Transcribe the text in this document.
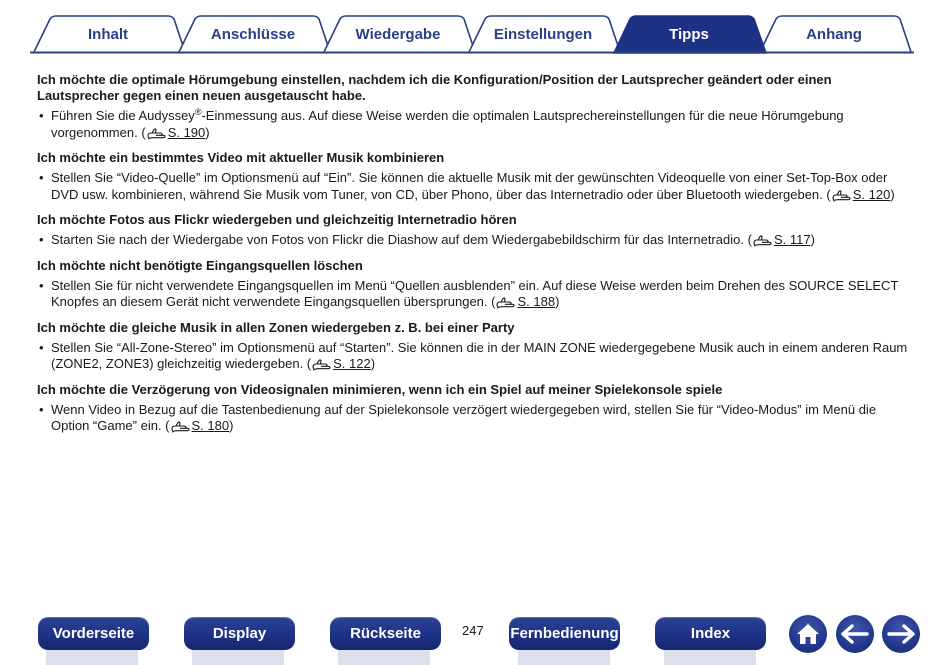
Inhalt	Anschlüsse	Wiedergabe	Einstellungen	Tipps	Anhang
Ich möchte die optimale Hörumgebung einstellen, nachdem ich die Konfiguration/Position der Lautsprecher geändert oder einen Lautsprecher gegen einen neuen ausgetauscht habe.
• Führen Sie die Audyssey®-Einmessung aus. Auf diese Weise werden die optimalen Lautsprechereinstellungen für die neue Hörumgebung vorgenommen. ( S. 190)
Ich möchte ein bestimmtes Video mit aktueller Musik kombinieren
• Stellen Sie “Video-Quelle” im Optionsmenü auf “Ein”. Sie können die aktuelle Musik mit der gewünschten Videoquelle von einer Set-Top-Box oder DVD usw. kombinieren, während Sie Musik vom Tuner, von CD, über Phono, über das Internetradio oder über Bluetooth wiedergeben. ( S. 120)
Ich möchte Fotos aus Flickr wiedergeben und gleichzeitig Internetradio hören
• Starten Sie nach der Wiedergabe von Fotos von Flickr die Diashow auf dem Wiedergabebildschirm für das Internetradio. ( S. 117)
Ich möchte nicht benötigte Eingangsquellen löschen
• Stellen Sie für nicht verwendete Eingangsquellen im Menü “Quellen ausblenden” ein. Auf diese Weise werden beim Drehen des SOURCE SELECT Knopfes an diesem Gerät nicht verwendete Eingangsquellen übersprungen. ( S. 188)
Ich möchte die gleiche Musik in allen Zonen wiedergeben z. B. bei einer Party
• Stellen Sie “All-Zone-Stereo” im Optionsmenü auf “Starten”. Sie können die in der MAIN ZONE wiedergegebene Musik auch in einem anderen Raum (ZONE2, ZONE3) gleichzeitig wiedergeben. ( S. 122)
Ich möchte die Verzögerung von Videosignalen minimieren, wenn ich ein Spiel auf meiner Spielekonsole spiele
• Wenn Video in Bezug auf die Tastenbedienung auf der Spielekonsole verzögert wiedergegeben wird, stellen Sie für “Video-Modus” im Menü die Option “Game” ein. ( S. 180)
Vorderseite	Display	Rückseite	247 Fernbedienung	Index
